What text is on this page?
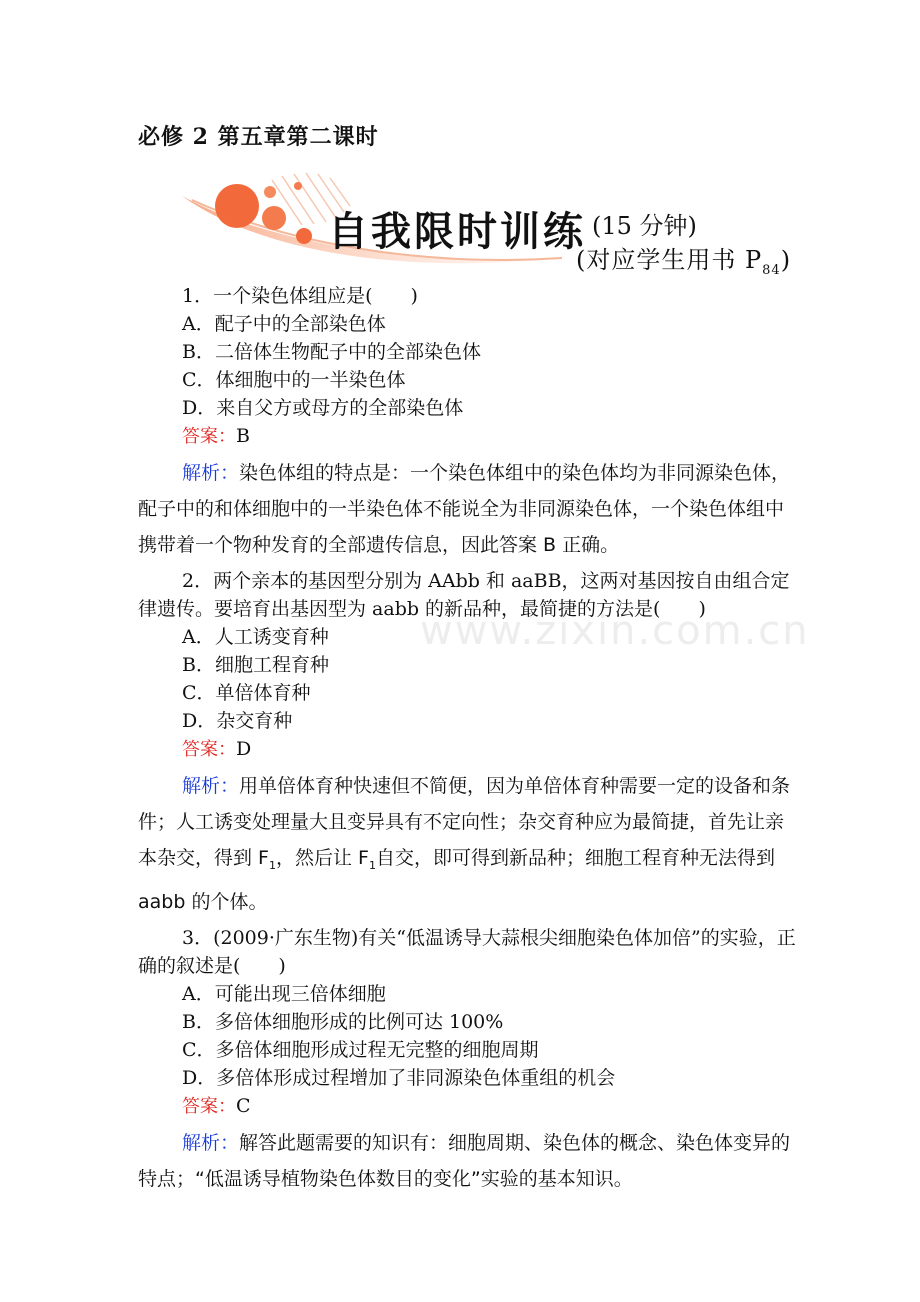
必修 2 第五章第二课时
自我限时训练 (15 分钟)
(对应学生用书 $P_{84}$)
www.zixin.com.cn
1．一个染色体组应是(　　)
A．配子中的全部染色体
B．二倍体生物配子中的全部染色体
C．体细胞中的一半染色体
D．来自父方或母方的全部染色体
答案：B
解析：染色体组的特点是：一个染色体组中的染色体均为非同源染色体，配子中的和体细胞中的一半染色体不能说全为非同源染色体，一个染色体组中携带着一个物种发育的全部遗传信息，因此答案 B 正确。
2．两个亲本的基因型分别为 AAbb 和 aaBB，这两对基因按自由组合定律遗传。要培育出基因型为 aabb 的新品种，最简捷的方法是(　　)
A．人工诱变育种
B．细胞工程育种
C．单倍体育种
D．杂交育种
答案：D
解析：用单倍体育种快速但不简便，因为单倍体育种需要一定的设备和条件；人工诱变处理量大且变异具有不定向性；杂交育种应为最简捷，首先让亲本杂交，得到 $F_1$，然后让 $F_1$自交，即可得到新品种；细胞工程育种无法得到 aabb 的个体。
3．(2009·广东生物)有关“低温诱导大蒜根尖细胞染色体加倍”的实验，正确的叙述是(　　)
A．可能出现三倍体细胞
B．多倍体细胞形成的比例可达 100%
C．多倍体细胞形成过程无完整的细胞周期
D．多倍体形成过程增加了非同源染色体重组的机会
答案：C
解析：解答此题需要的知识有：细胞周期、染色体的概念、染色体变异的特点；“低温诱导植物染色体数目的变化”实验的基本知识。
